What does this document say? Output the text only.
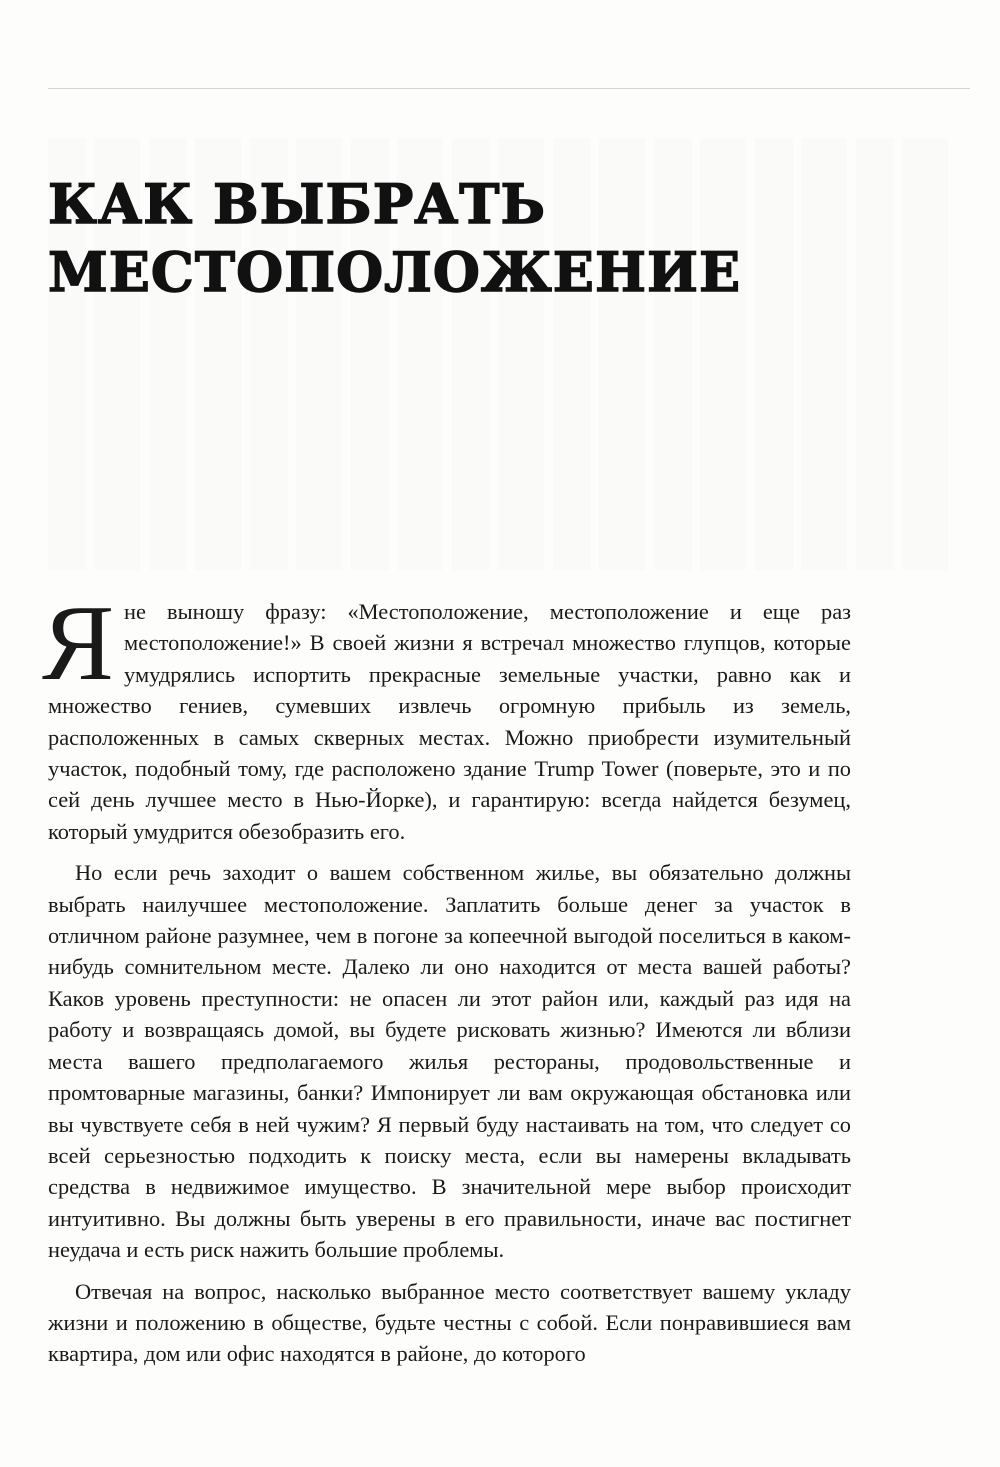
КАК ВЫБРАТЬ
МЕСТОПОЛОЖЕНИЕ

Яне выношу фразу: «Местоположение, местоположение и еще раз местоположение!» В своей жизни я встречал множество глупцов, которые умудрялись испортить прекрасные земельные участки, равно как и множество гениев, сумевших извлечь огромную прибыль из земель, расположенных в самых скверных местах. Можно приобрести изумительный участок, подобный тому, где расположено здание Trump Tower (поверьте, это и по сей день лучшее место в Нью-Йорке), и гарантирую: всегда найдется безумец, который умудрится обезобразить его.

Но если речь заходит о вашем собственном жилье, вы обязательно должны выбрать наилучшее местоположение. Заплатить больше денег за участок в отличном районе разумнее, чем в погоне за копеечной выгодой поселиться в каком-нибудь сомнительном месте. Далеко ли оно находится от места вашей работы? Каков уровень преступности: не опасен ли этот район или, каждый раз идя на работу и возвращаясь домой, вы будете рисковать жизнью? Имеются ли вблизи места вашего предполагаемого жилья рестораны, продовольственные и промтоварные магазины, банки? Импонирует ли вам окружающая обстановка или вы чувствуете себя в ней чужим? Я первый буду настаивать на том, что следует со всей серьезностью подходить к поиску места, если вы намерены вкладывать средства в недвижимое имущество. В значительной мере выбор происходит интуитивно. Вы должны быть уверены в его правильности, иначе вас постигнет неудача и есть риск нажить большие проблемы.

Отвечая на вопрос, насколько выбранное место соответствует вашему укладу жизни и положению в обществе, будьте честны с собой. Если понравившиеся вам квартира, дом или офис находятся в районе, до которого
